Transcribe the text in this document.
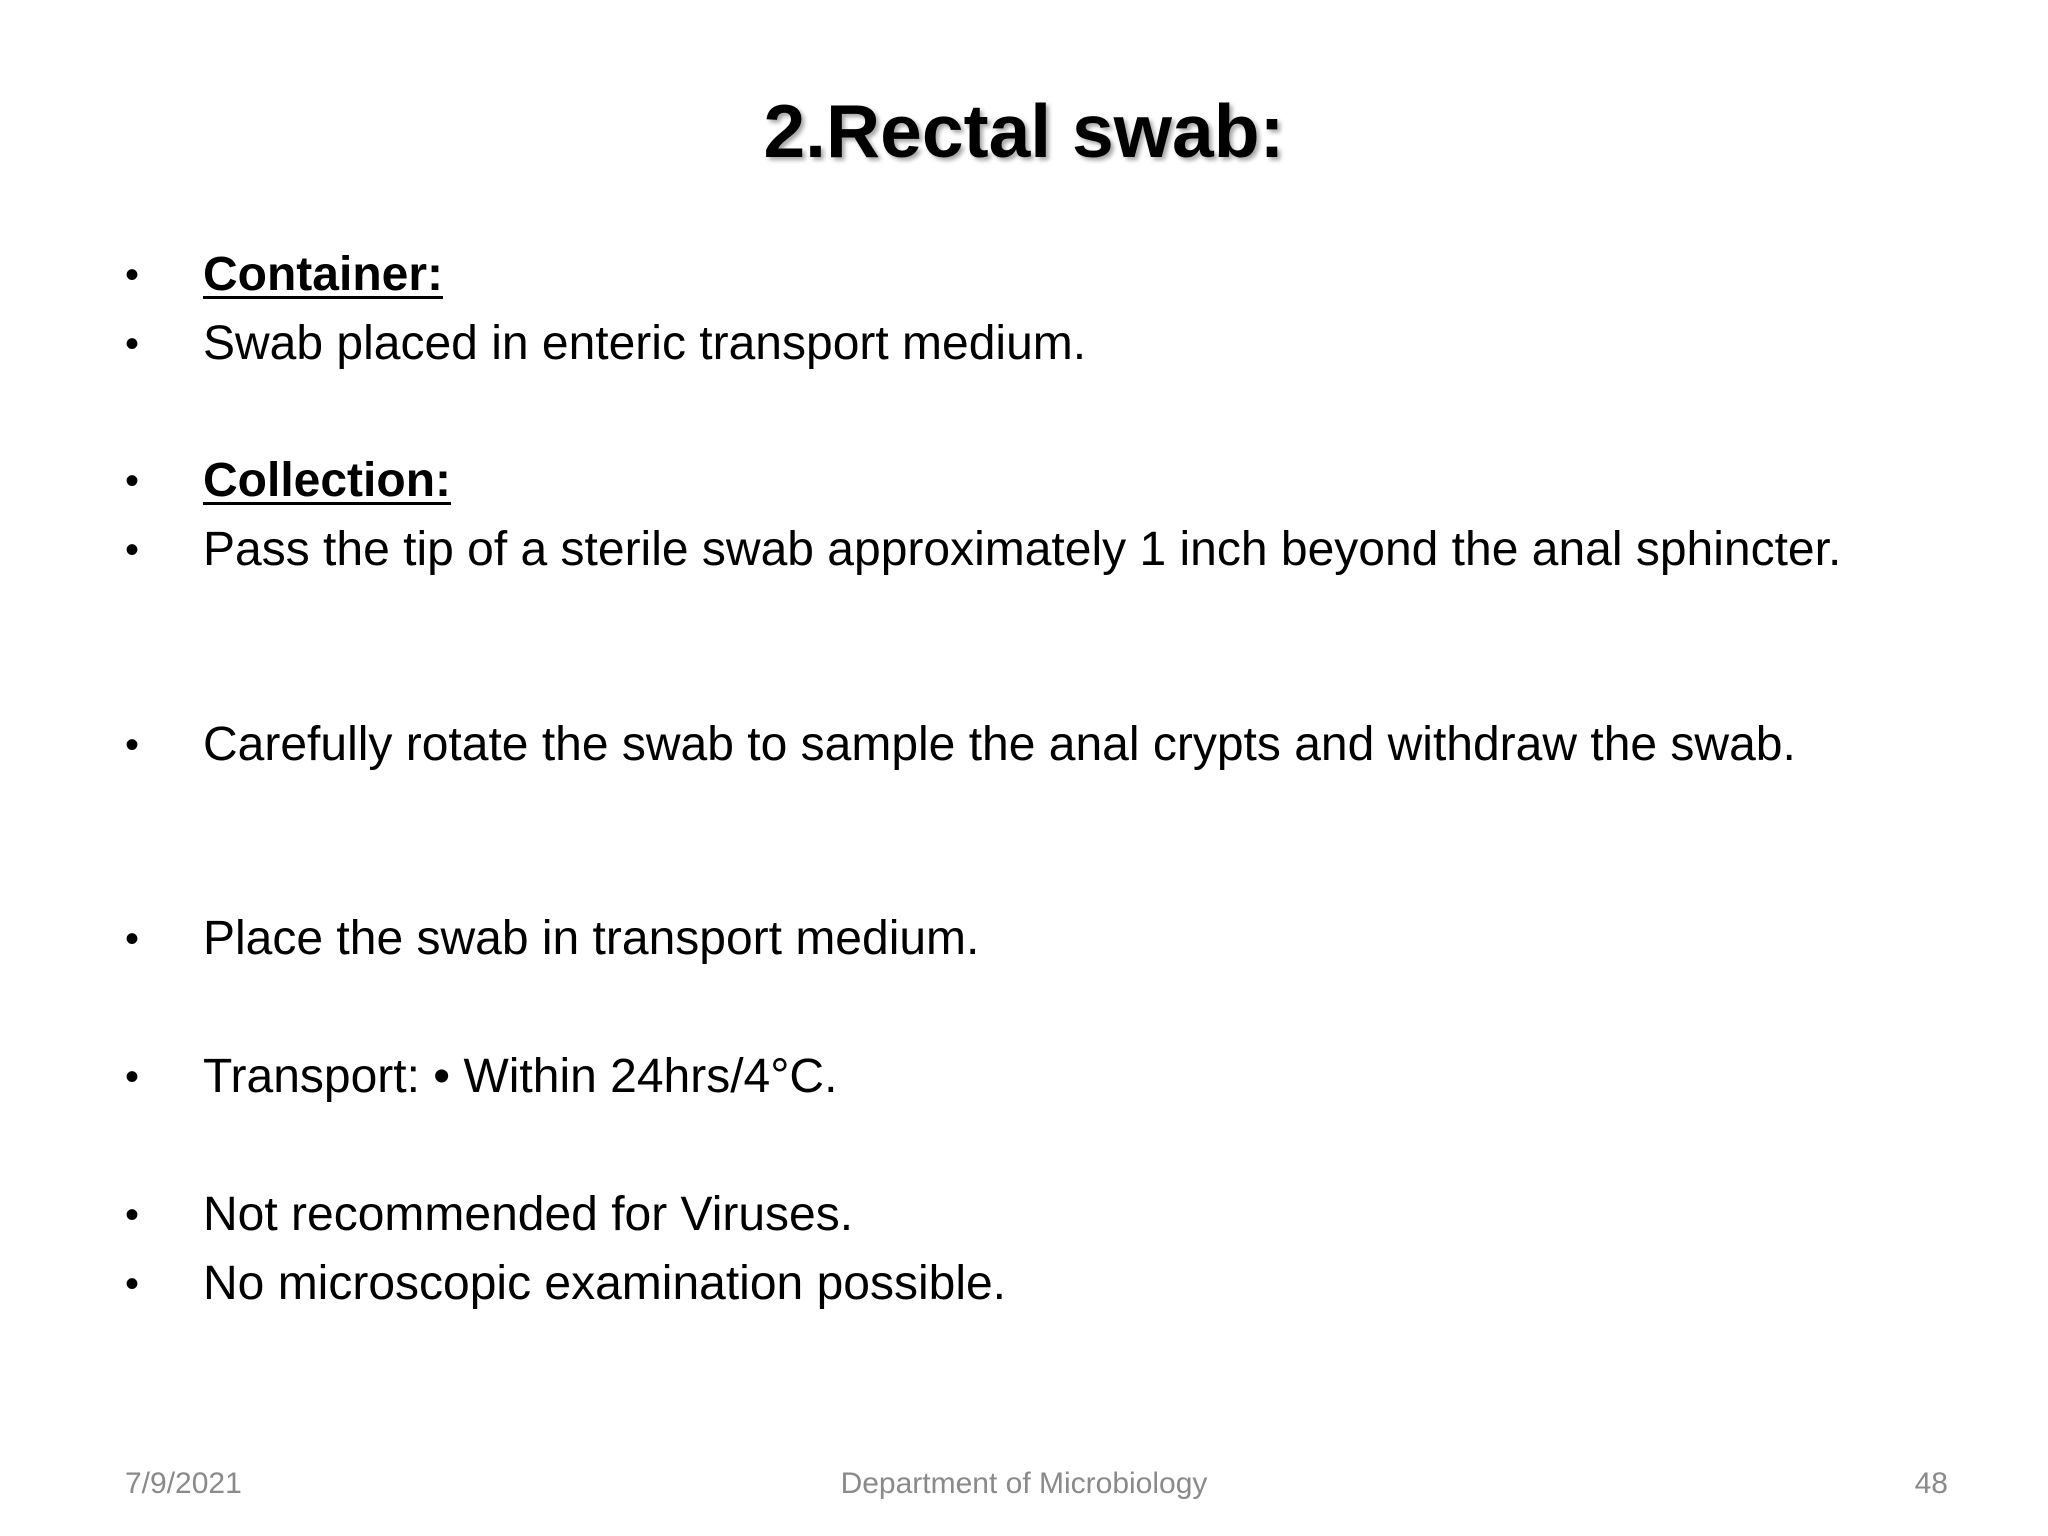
2.Rectal swab:
• Container:
• Swab placed in enteric transport medium.
• Collection:
• Pass the tip of a sterile swab approximately 1 inch beyond the anal sphincter.
• Carefully rotate the swab to sample the anal crypts and withdraw the swab.
• Place the swab in transport medium.
• Transport: • Within 24hrs/4°C.
• Not recommended for Viruses.
• No microscopic examination possible.
7/9/2021	Department of Microbiology	48
